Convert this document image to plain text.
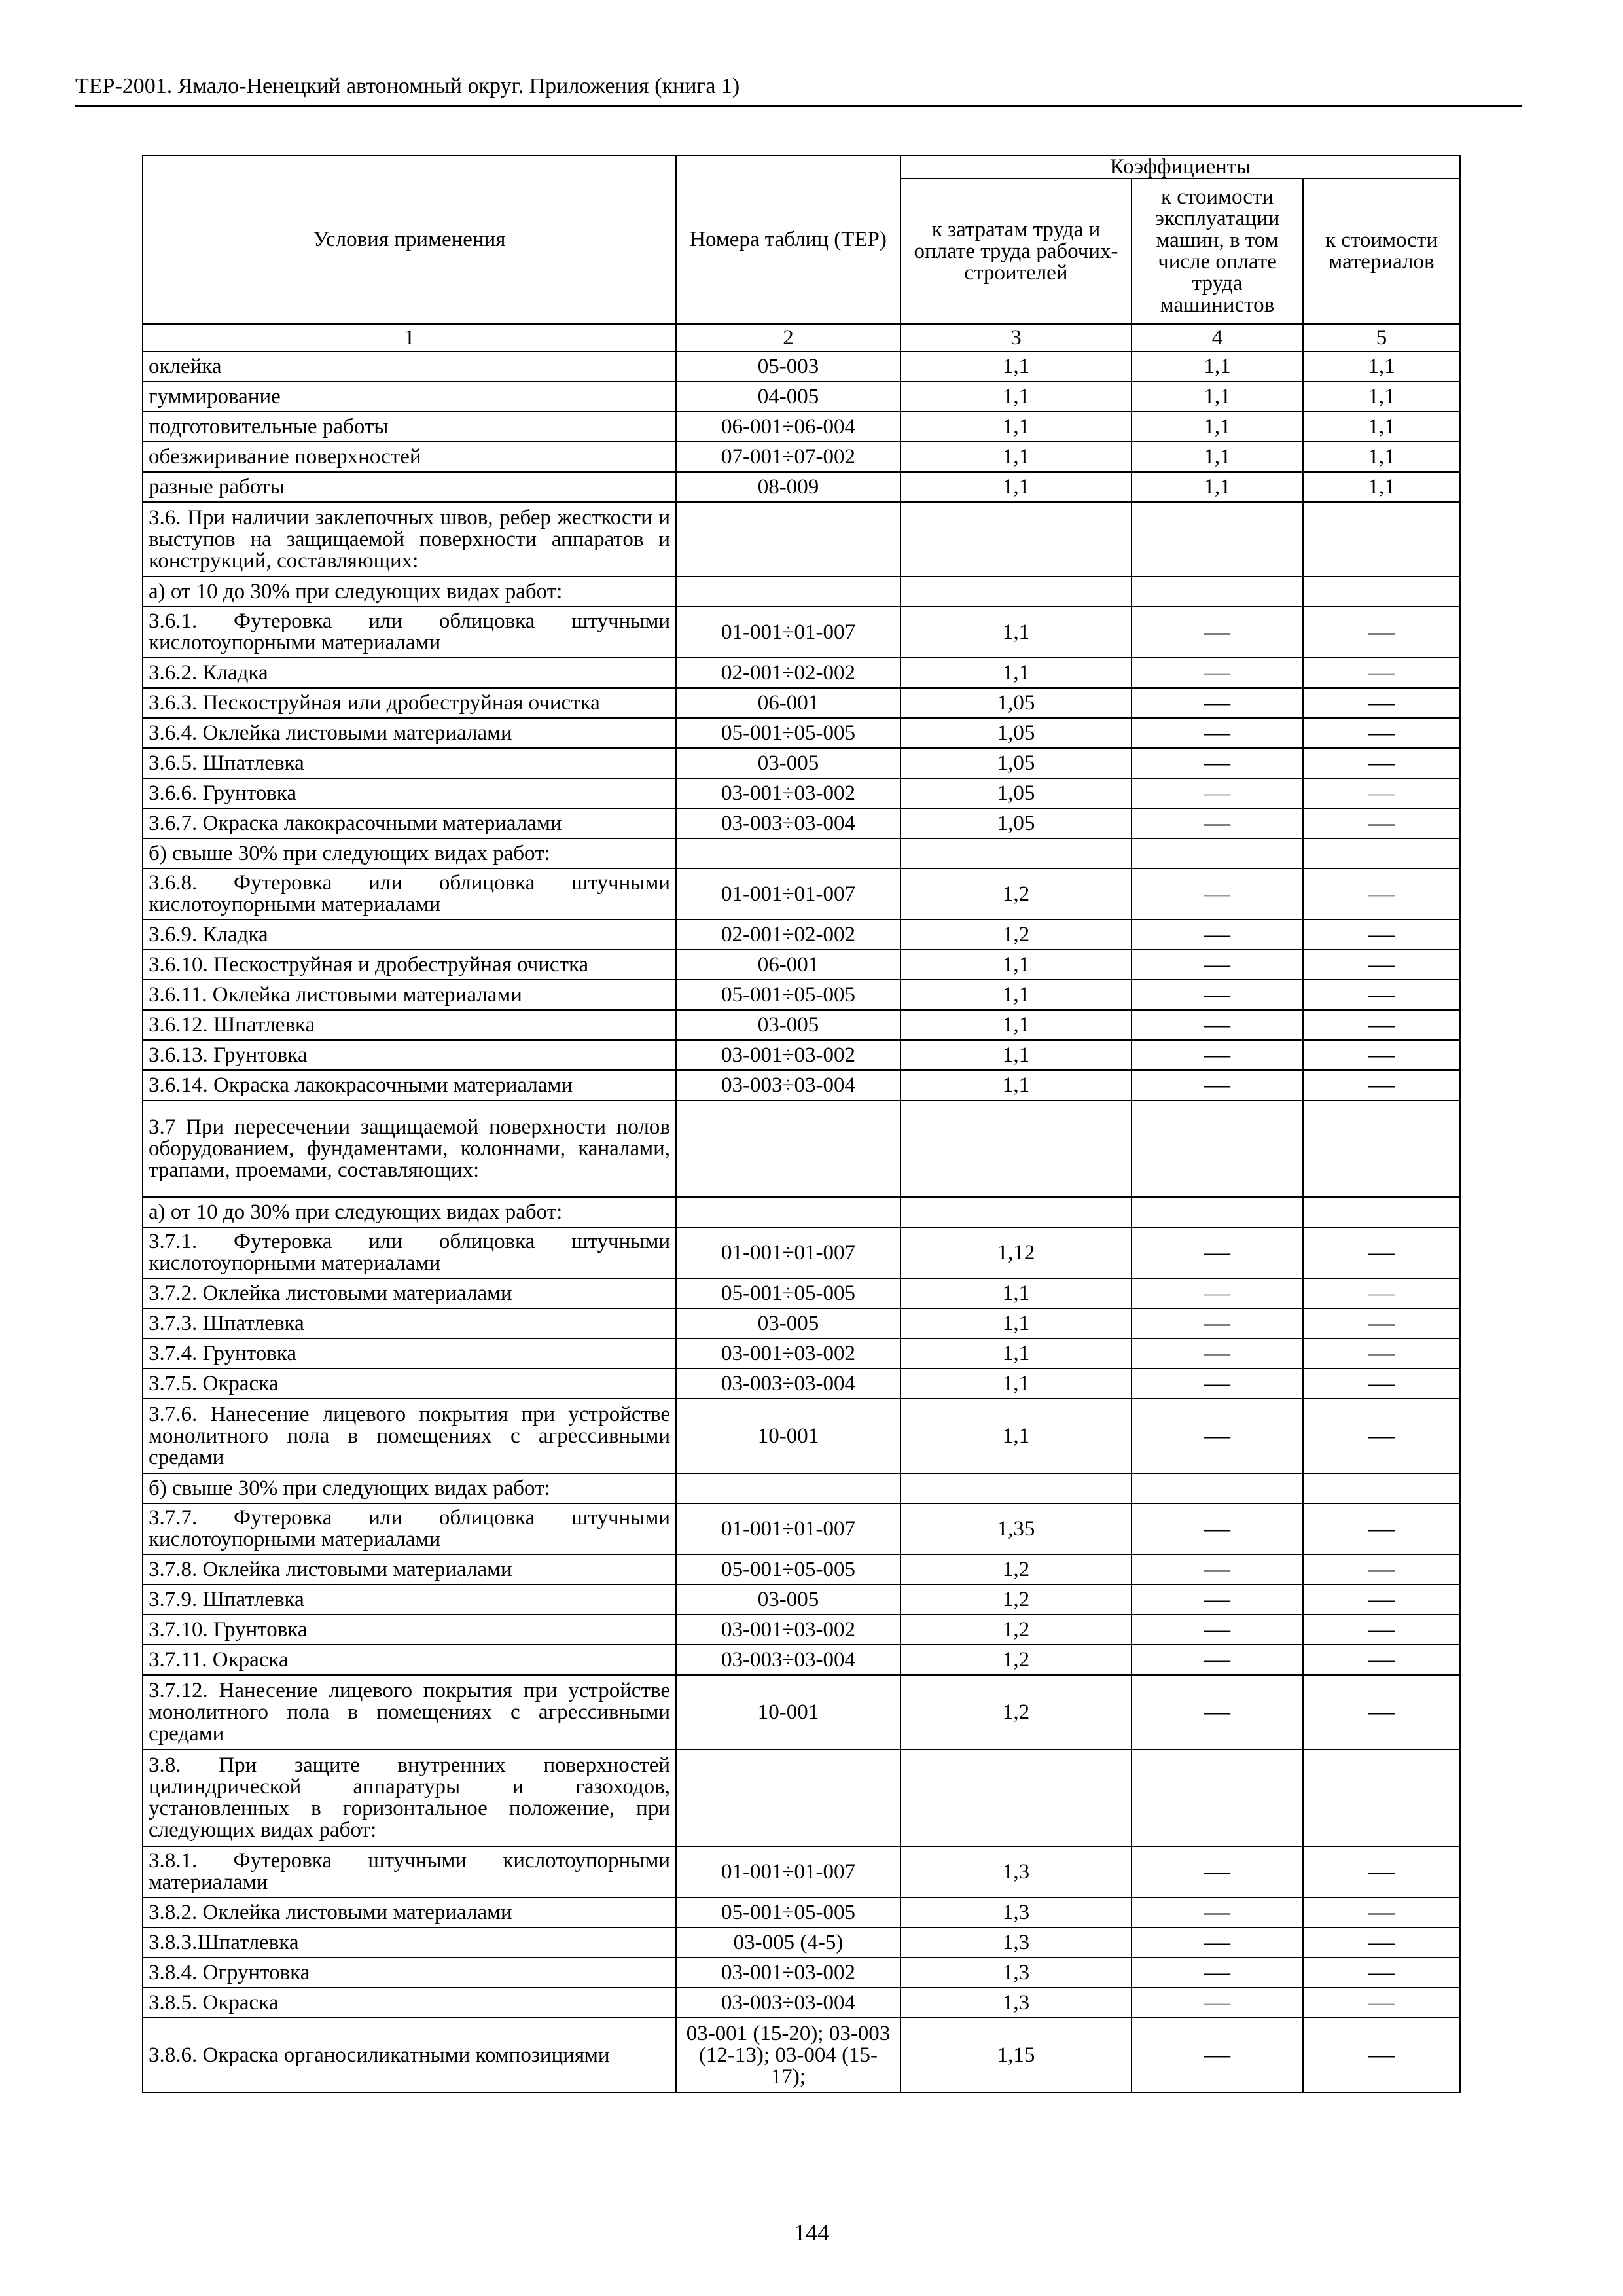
ТЕР-2001. Ямало-Ненецкий автономный округ. Приложения (книга 1)
Условия применения	Номера таблиц (ТЕР)	Коэффициенты		
		к затратам труда и оплате труда рабочих-строителей	к стоимости эксплуатации машин, в том числе оплате труда машинистов	к стоимости материалов
1	2	3	4	5
оклейка	05-003	1,1	1,1	1,1
гуммирование	04-005	1,1	1,1	1,1
подготовительные работы	06-001÷06-004	1,1	1,1	1,1
обезжиривание поверхностей	07-001÷07-002	1,1	1,1	1,1
разные работы	08-009	1,1	1,1	1,1
3.6. При наличии заклепочных швов, ребер жесткости и выступов на защищаемой поверхности аппаратов и конструкций, составляющих:				
а) от 10 до 30% при следующих видах работ:				
3.6.1. Футеровка или облицовка штучными кислотоупорными материалами	01-001÷01-007	1,1	—	—
3.6.2. Кладка	02-001÷02-002	1,1	—	—
3.6.3. Пескоструйная или дробеструйная очистка	06-001	1,05	—	—
3.6.4. Оклейка листовыми материалами	05-001÷05-005	1,05	—	—
3.6.5. Шпатлевка	03-005	1,05	—	—
3.6.6. Грунтовка	03-001÷03-002	1,05	—	—
3.6.7. Окраска лакокрасочными материалами	03-003÷03-004	1,05	—	—
б) свыше 30% при следующих видах работ:				
3.6.8. Футеровка или облицовка штучными кислотоупорными материалами	01-001÷01-007	1,2	—	—
3.6.9. Кладка	02-001÷02-002	1,2	—	—
3.6.10. Пескоструйная и дробеструйная очистка	06-001	1,1	—	—
3.6.11. Оклейка листовыми материалами	05-001÷05-005	1,1	—	—
3.6.12. Шпатлевка	03-005	1,1	—	—
3.6.13. Грунтовка	03-001÷03-002	1,1	—	—
3.6.14. Окраска лакокрасочными материалами	03-003÷03-004	1,1	—	—
3.7 При пересечении защищаемой поверхности полов оборудованием, фундаментами, колоннами, каналами, трапами, проемами, составляющих:				
а) от 10 до 30% при следующих видах работ:				
3.7.1. Футеровка или облицовка штучными кислотоупорными материалами	01-001÷01-007	1,12	—	—
3.7.2. Оклейка листовыми материалами	05-001÷05-005	1,1	—	—
3.7.3. Шпатлевка	03-005	1,1	—	—
3.7.4. Грунтовка	03-001÷03-002	1,1	—	—
3.7.5. Окраска	03-003÷03-004	1,1	—	—
3.7.6. Нанесение лицевого покрытия при устройстве монолитного пола в помещениях с агрессивными средами	10-001	1,1	—	—
б) свыше 30% при следующих видах работ:				
3.7.7. Футеровка или облицовка штучными кислотоупорными материалами	01-001÷01-007	1,35	—	—
3.7.8. Оклейка листовыми материалами	05-001÷05-005	1,2	—	—
3.7.9. Шпатлевка	03-005	1,2	—	—
3.7.10. Грунтовка	03-001÷03-002	1,2	—	—
3.7.11. Окраска	03-003÷03-004	1,2	—	—
3.7.12. Нанесение лицевого покрытия при устройстве монолитного пола в помещениях с агрессивными средами	10-001	1,2	—	—
3.8. При защите внутренних поверхностей цилиндрической аппаратуры и газоходов, установленных в горизонтальное положение, при следующих видах работ:				
3.8.1. Футеровка штучными кислотоупорными материалами	01-001÷01-007	1,3	—	—
3.8.2. Оклейка листовыми материалами	05-001÷05-005	1,3	—	—
3.8.3.Шпатлевка	03-005 (4-5)	1,3	—	—
3.8.4. Огрунтовка	03-001÷03-002	1,3	—	—
3.8.5. Окраска	03-003÷03-004	1,3	—	—
3.8.6. Окраска органосиликатными композициями	03-001 (15-20); 03-003 (12-13); 03-004 (15-17);	1,15	—	—
144
